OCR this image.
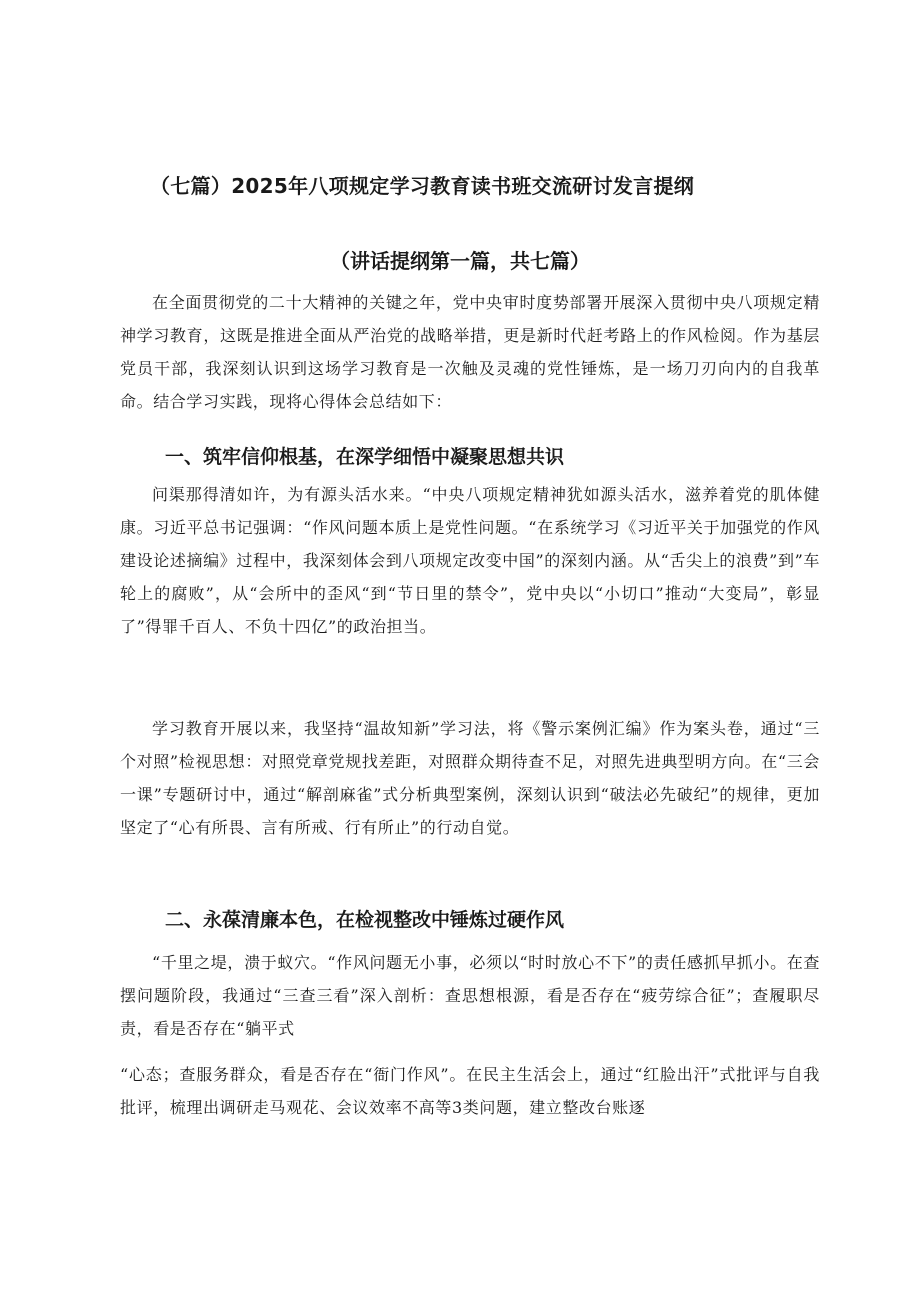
（七篇）2025年八项规定学习教育读书班交流研讨发言提纲
（讲话提纲第一篇，共七篇）

在全面贯彻党的二十大精神的关键之年，党中央审时度势部署开展深入贯彻中央八项规定精神学习教育，这既是推进全面从严治党的战略举措，更是新时代赶考路上的作风检阅。作为基层党员干部，我深刻认识到这场学习教育是一次触及灵魂的党性锤炼，是一场刀刃向内的自我革命。结合学习实践，现将心得体会总结如下：

一、筑牢信仰根基，在深学细悟中凝聚思想共识

问渠那得清如许，为有源头活水来。“中央八项规定精神犹如源头活水，滋养着党的肌体健康。习近平总书记强调：“作风问题本质上是党性问题。“在系统学习《习近平关于加强党的作风建设论述摘编》过程中，我深刻体会到八项规定改变中国”的深刻内涵。从“舌尖上的浪费”到”车轮上的腐败”，从“会所中的歪风“到“节日里的禁令”，党中央以“小切口”推动“大变局”，彰显了”得罪千百人、不负十四亿”的政治担当。

学习教育开展以来，我坚持“温故知新”学习法，将《警示案例汇编》作为案头卷，通过“三个对照”检视思想：对照党章党规找差距，对照群众期待查不足，对照先进典型明方向。在“三会一课”专题研讨中，通过“解剖麻雀”式分析典型案例，深刻认识到“破法必先破纪”的规律，更加坚定了“心有所畏、言有所戒、行有所止”的行动自觉。

二、永葆清廉本色，在检视整改中锤炼过硬作风

“千里之堤，溃于蚁穴。“作风问题无小事，必须以“时时放心不下”的责任感抓早抓小。在查摆问题阶段，我通过“三查三看”深入剖析：查思想根源，看是否存在“疲劳综合征”；查履职尽责，看是否存在“躺平式

“心态；查服务群众，看是否存在“衙门作风”。在民主生活会上，通过“红脸出汗”式批评与自我批评，梳理出调研走马观花、会议效率不高等3类问题，建立整改台账逐
